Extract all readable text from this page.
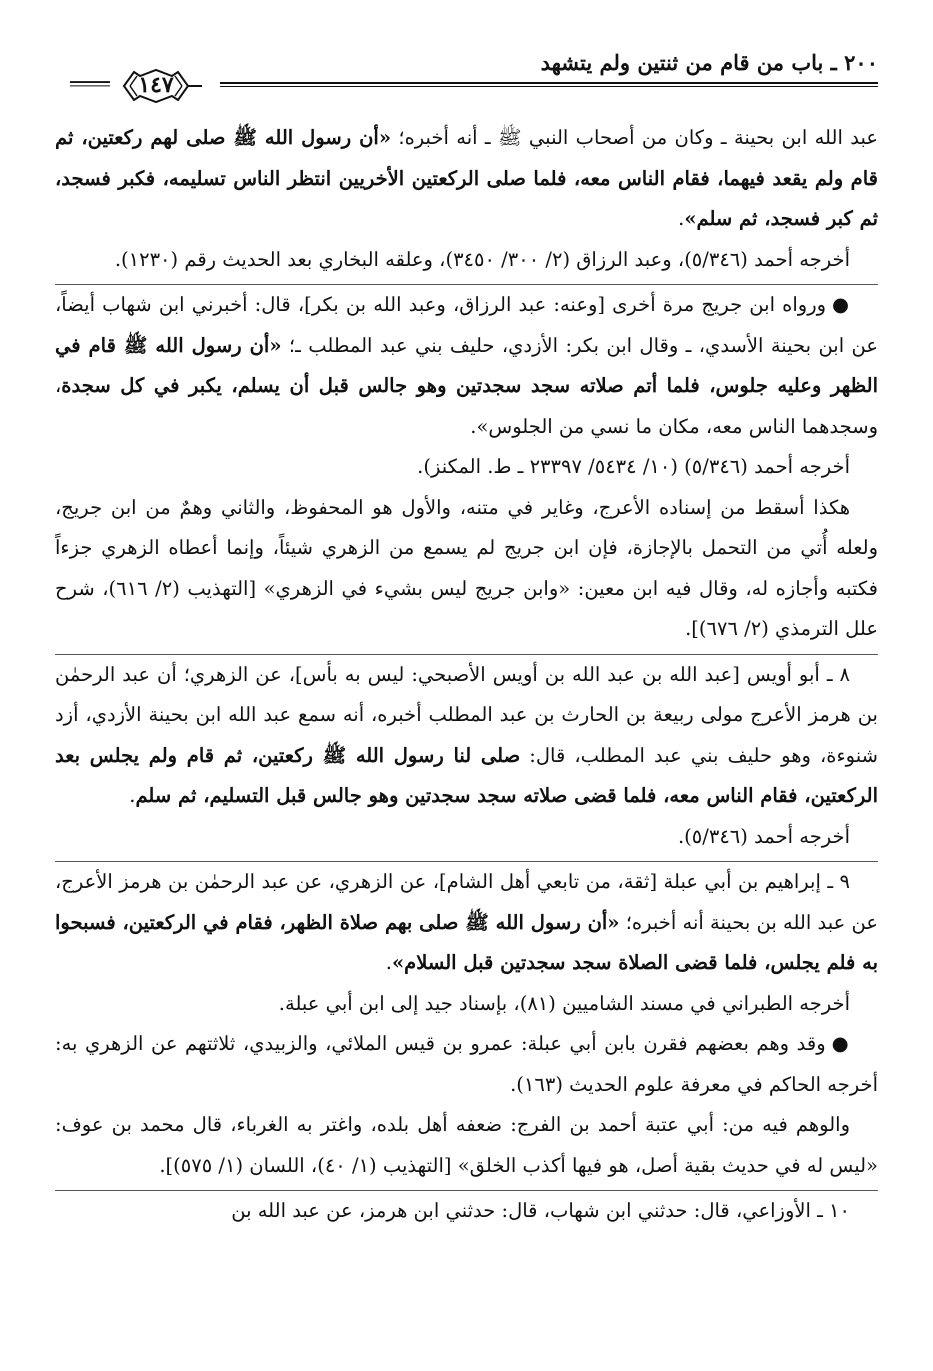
٢٠٠ ـ باب من قام من ثنتين ولم يتشهد
١٤٧

عبد الله ابن بحينة ـ وكان من أصحاب النبي ﷺ ـ أنه أخبره؛ «أن رسول الله ﷺ صلى لهم ركعتين، ثم قام ولم يقعد فيهما، فقام الناس معه، فلما صلى الركعتين الأخريين انتظر الناس تسليمه، فكبر فسجد، ثم كبر فسجد، ثم سلم».

أخرجه أحمد (٥/٣٤٦)، وعبد الرزاق (٢/ ٣٠٠/ ٣٤٥٠)، وعلقه البخاري بعد الحديث رقم (١٢٣٠).

●ورواه ابن جريج مرة أخرى [وعنه: عبد الرزاق، وعبد الله بن بكر]، قال: أخبرني ابن شهاب أيضاً، عن ابن بحينة الأسدي، ـ وقال ابن بكر: الأزدي، حليف بني عبد المطلب ـ؛ «أن رسول الله ﷺ قام في الظهر وعليه جلوس، فلما أتم صلاته سجد سجدتين وهو جالس قبل أن يسلم، يكبر في كل سجدة، وسجدهما الناس معه، مكان ما نسي من الجلوس».

أخرجه أحمد (٥/٣٤٦) (١٠/ ٥٤٣٤/ ٢٣٣٩٧ ـ ط. المكنز).

هكذا أسقط من إسناده الأعرج، وغاير في متنه، والأول هو المحفوظ، والثاني وهمٌ من ابن جريج، ولعله أُتي من التحمل بالإجازة، فإن ابن جريج لم يسمع من الزهري شيئاً، وإنما أعطاه الزهري جزءاً فكتبه وأجازه له، وقال فيه ابن معين: «وابن جريج ليس بشيء في الزهري» [التهذيب (٢/ ٦١٦)، شرح علل الترمذي (٢/ ٦٧٦)].

٨ ـ أبو أويس [عبد الله بن عبد الله بن أويس الأصبحي: ليس به بأس]، عن الزهري؛ أن عبد الرحمٰن بن هرمز الأعرج مولى ربيعة بن الحارث بن عبد المطلب أخبره، أنه سمع عبد الله ابن بحينة الأزدي، أزد شنوءة، وهو حليف بني عبد المطلب، قال: صلى لنا رسول الله ﷺ ركعتين، ثم قام ولم يجلس بعد الركعتين، فقام الناس معه، فلما قضى صلاته سجد سجدتين وهو جالس قبل التسليم، ثم سلم.

أخرجه أحمد (٥/٣٤٦).

٩ ـ إبراهيم بن أبي عبلة [ثقة، من تابعي أهل الشام]، عن الزهري، عن عبد الرحمٰن بن هرمز الأعرج، عن عبد الله بن بحينة أنه أخبره؛ «أن رسول الله ﷺ صلى بهم صلاة الظهر، فقام في الركعتين، فسبحوا به فلم يجلس، فلما قضى الصلاة سجد سجدتين قبل السلام».

أخرجه الطبراني في مسند الشاميين (٨١)، بإسناد جيد إلى ابن أبي عبلة.

●وقد وهم بعضهم فقرن بابن أبي عبلة: عمرو بن قيس الملائي، والزبيدي، ثلاثتهم عن الزهري به: أخرجه الحاكم في معرفة علوم الحديث (١٦٣).

والوهم فيه من: أبي عتبة أحمد بن الفرج: ضعفه أهل بلده، واغتر به الغرباء، قال محمد بن عوف: «ليس له في حديث بقية أصل، هو فيها أكذب الخلق» [التهذيب (١/ ٤٠)، اللسان (١/ ٥٧٥)].

١٠ ـ الأوزاعي، قال: حدثني ابن شهاب، قال: حدثني ابن هرمز، عن عبد الله بن
